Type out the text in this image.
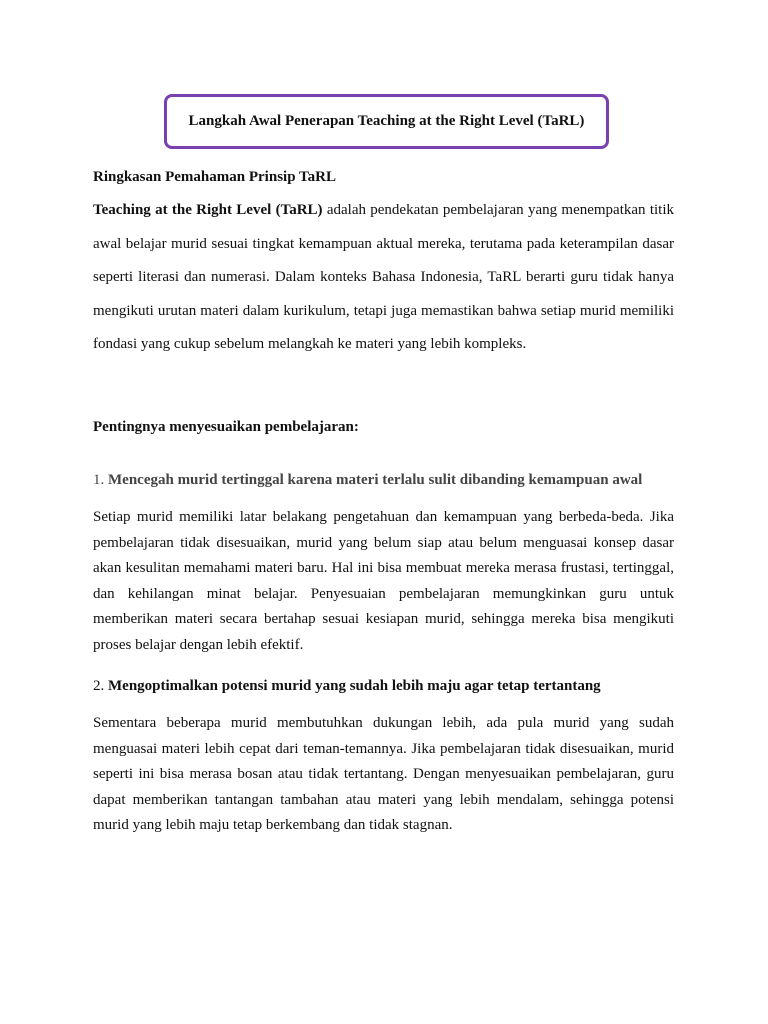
Langkah Awal Penerapan Teaching at the Right Level (TaRL)

Ringkasan Pemahaman Prinsip TaRL

Teaching at the Right Level (TaRL) adalah pendekatan pembelajaran yang menempatkan titik awal belajar murid sesuai tingkat kemampuan aktual mereka, terutama pada keterampilan dasar seperti literasi dan numerasi. Dalam konteks Bahasa Indonesia, TaRL berarti guru tidak hanya mengikuti urutan materi dalam kurikulum, tetapi juga memastikan bahwa setiap murid memiliki fondasi yang cukup sebelum melangkah ke materi yang lebih kompleks.

Pentingnya menyesuaikan pembelajaran:

1. Mencegah murid tertinggal karena materi terlalu sulit dibanding kemampuan awal

Setiap murid memiliki latar belakang pengetahuan dan kemampuan yang berbeda-beda. Jika pembelajaran tidak disesuaikan, murid yang belum siap atau belum menguasai konsep dasar akan kesulitan memahami materi baru. Hal ini bisa membuat mereka merasa frustasi, tertinggal, dan kehilangan minat belajar. Penyesuaian pembelajaran memungkinkan guru untuk memberikan materi secara bertahap sesuai kesiapan murid, sehingga mereka bisa mengikuti proses belajar dengan lebih efektif.

2. Mengoptimalkan potensi murid yang sudah lebih maju agar tetap tertantang

Sementara beberapa murid membutuhkan dukungan lebih, ada pula murid yang sudah menguasai materi lebih cepat dari teman-temannya. Jika pembelajaran tidak disesuaikan, murid seperti ini bisa merasa bosan atau tidak tertantang. Dengan menyesuaikan pembelajaran, guru dapat memberikan tantangan tambahan atau materi yang lebih mendalam, sehingga potensi murid yang lebih maju tetap berkembang dan tidak stagnan.
